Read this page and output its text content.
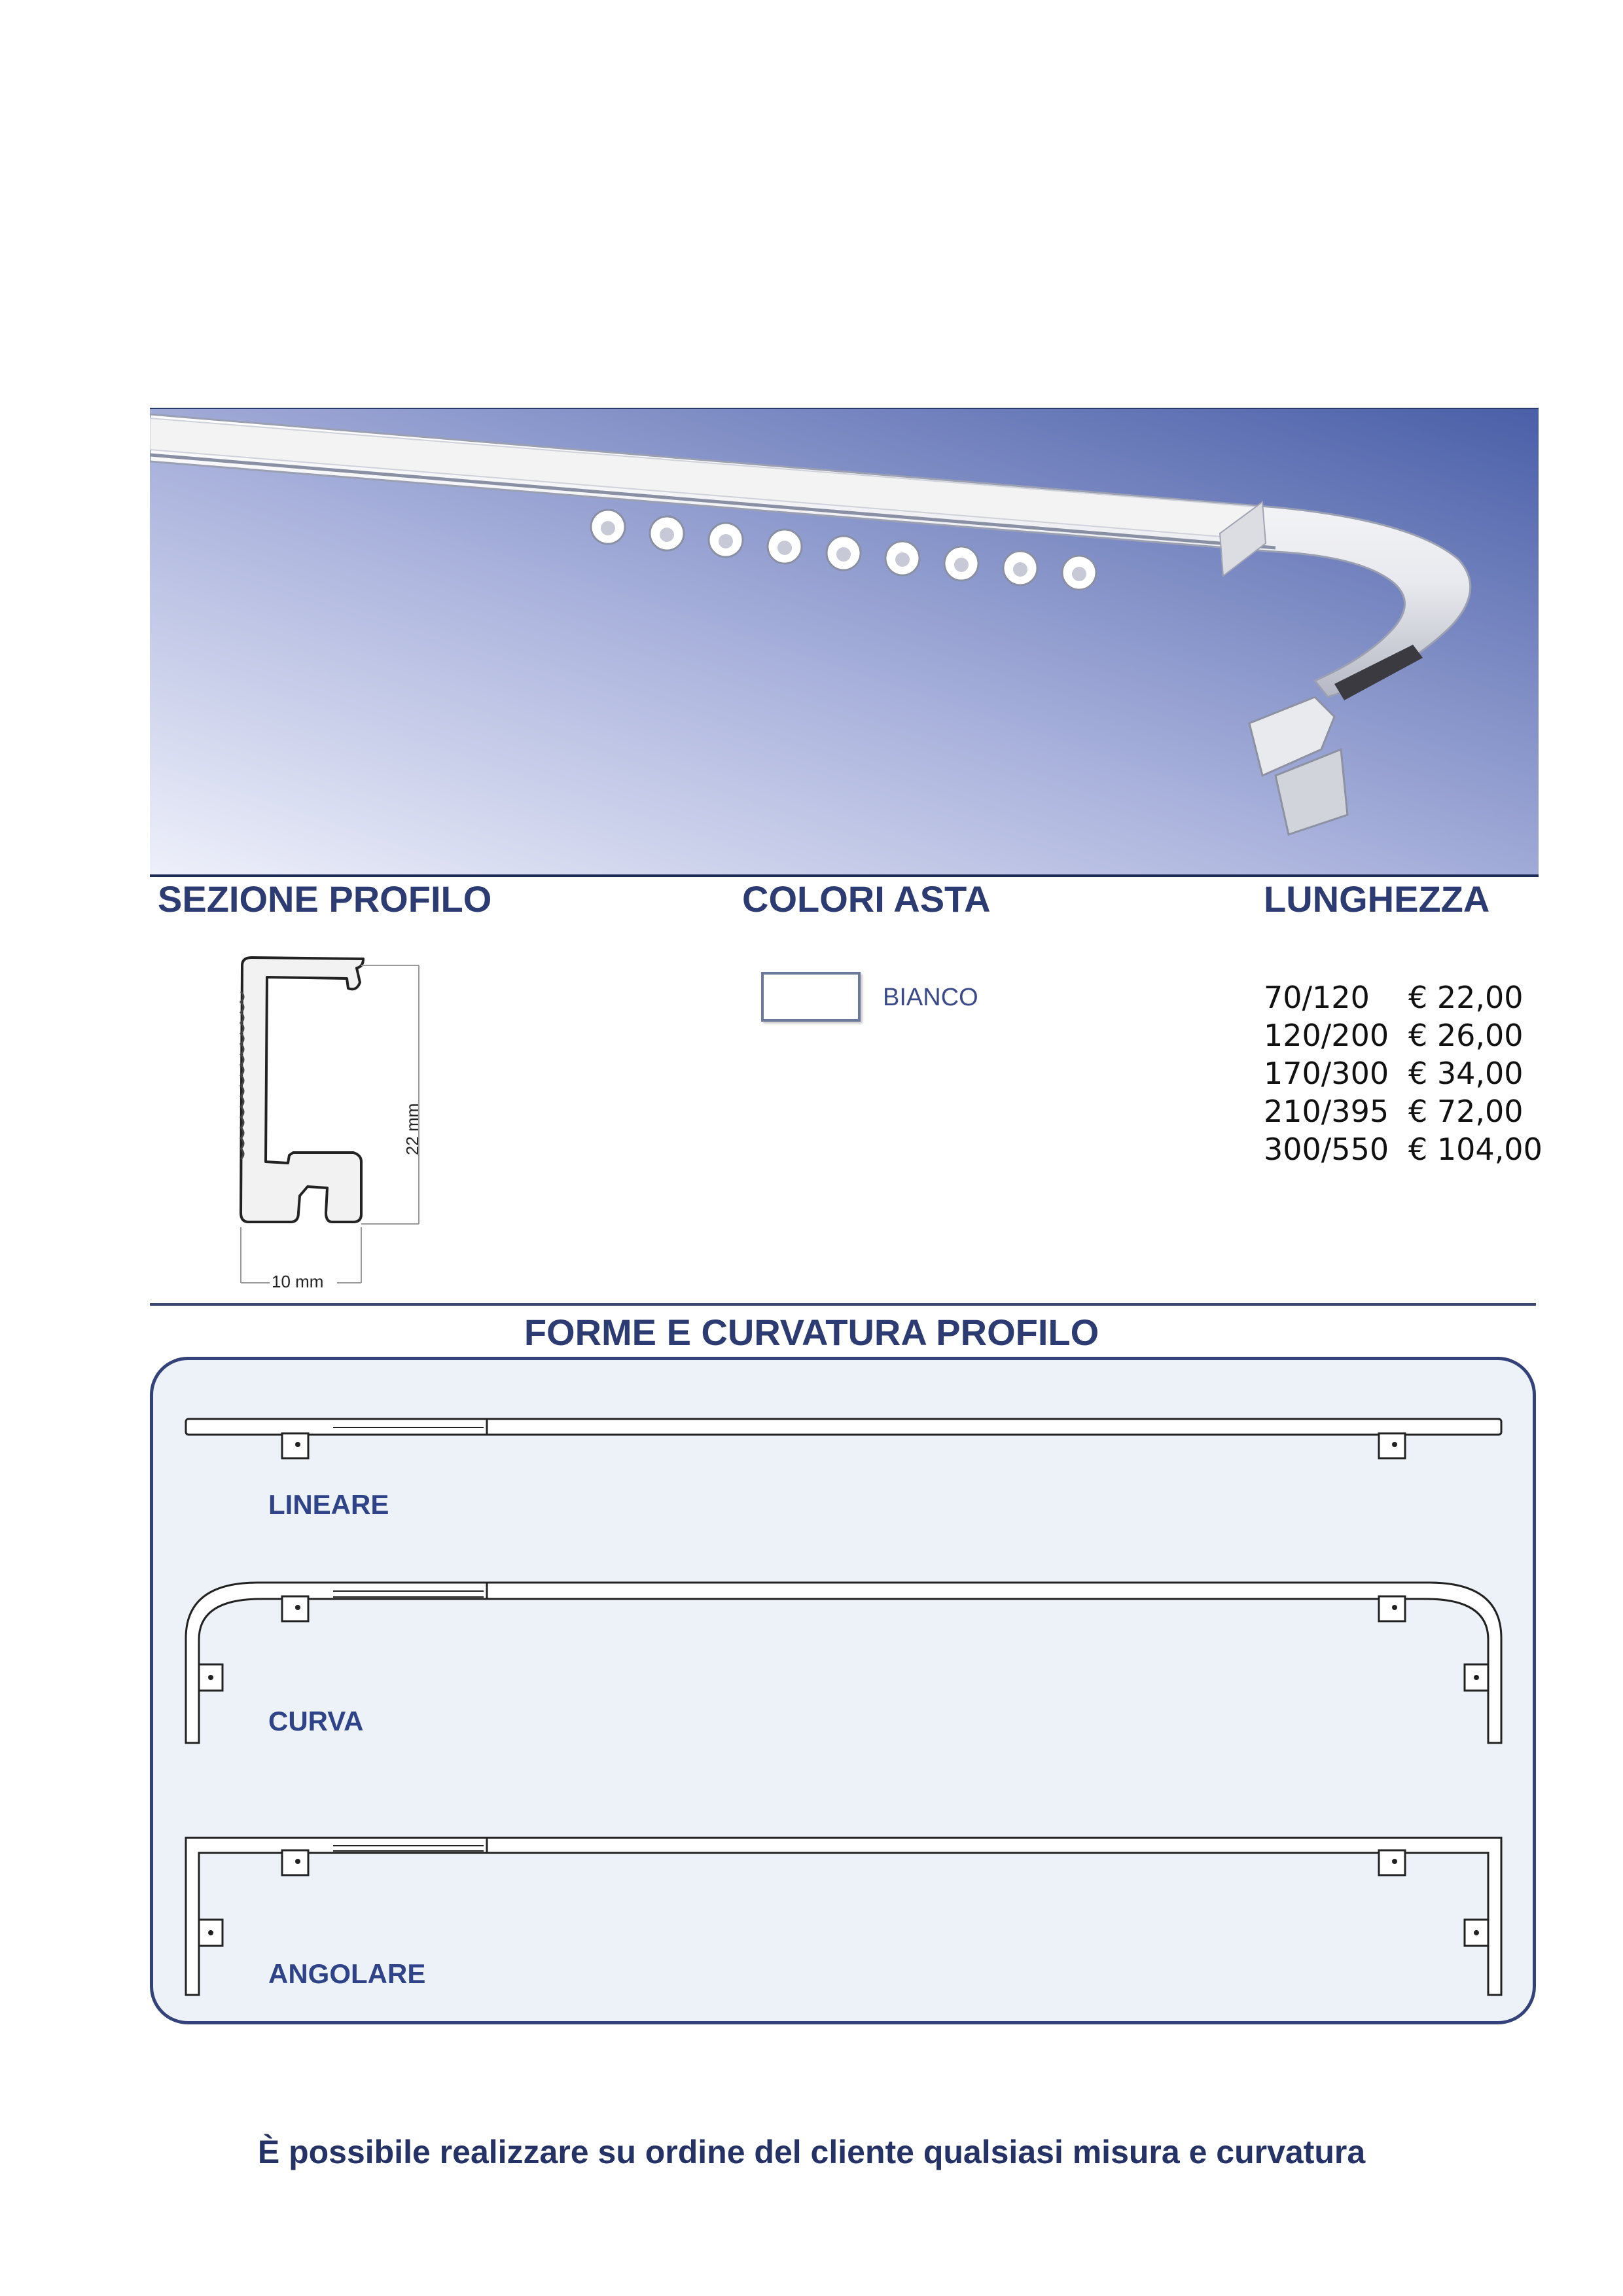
SEZIONE PROFILO	COLORI ASTA	LUNGHEZZA
22 mm
10 mm
BIANCO	70/120	€ 22,00
120/200 € 26,00
170/300 € 34,00
210/395 € 72,00
300/550 € 104,00
FORME E CURVATURA PROFILO
LINEARE
CURVA
ANGOLARE
È possibile realizzare su ordine del cliente qualsiasi misura e curvatura
